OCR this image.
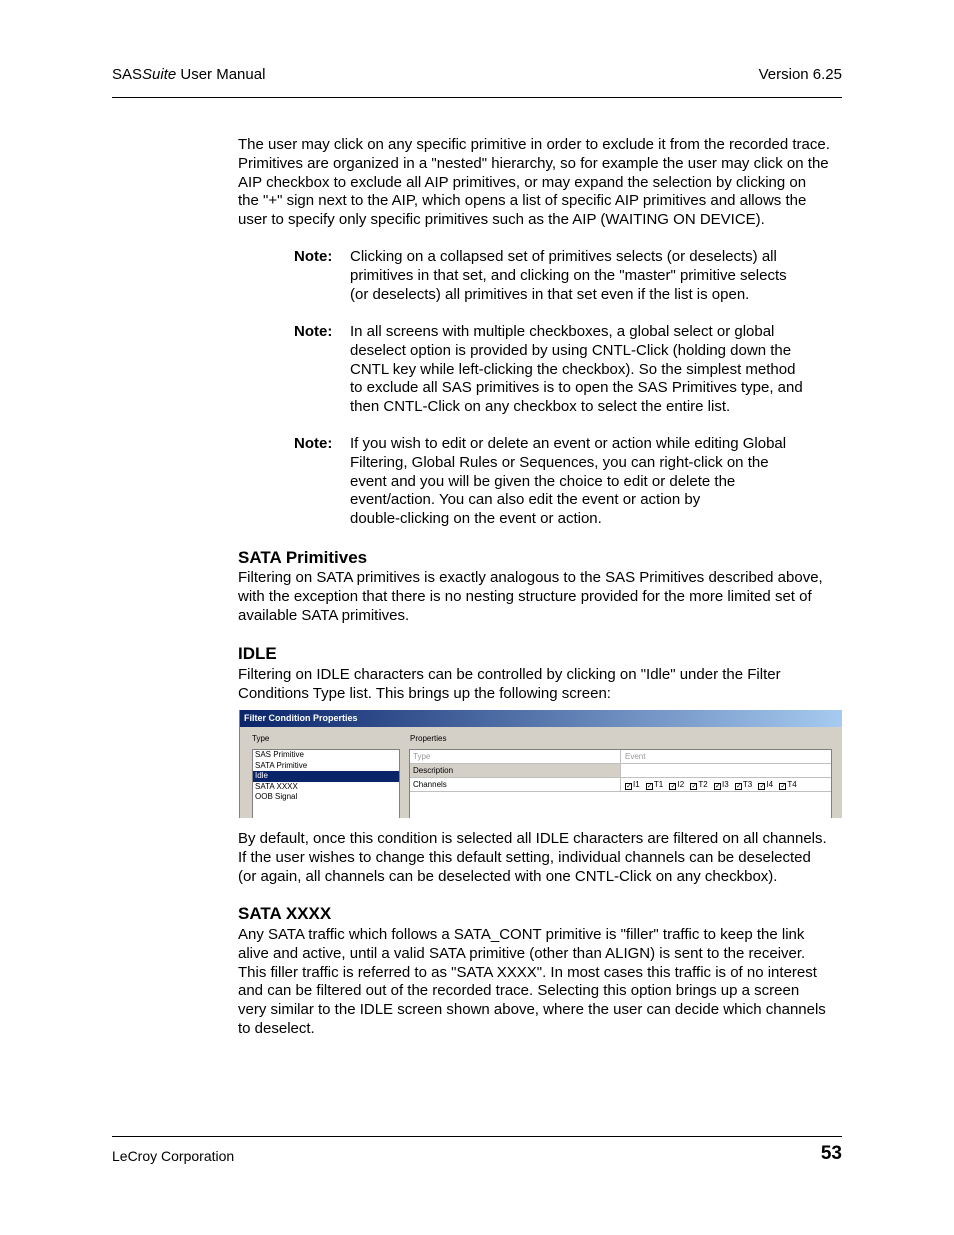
SASSuite User Manual	Version 6.25
The user may click on any specific primitive in order to exclude it from the recorded trace.
Primitives are organized in a "nested" hierarchy, so for example the user may click on the
AIP checkbox to exclude all AIP primitives, or may expand the selection by clicking on
the "+" sign next to the AIP, which opens a list of specific AIP primitives and allows the
user to specify only specific primitives such as the AIP (WAITING ON DEVICE).
Note: Clicking on a collapsed set of primitives selects (or deselects) all
primitives in that set, and clicking on the "master" primitive selects
(or deselects) all primitives in that set even if the list is open.
Note: In all screens with multiple checkboxes, a global select or global
deselect option is provided by using CNTL-Click (holding down the
CNTL key while left-clicking the checkbox). So the simplest method
to exclude all SAS primitives is to open the SAS Primitives type, and
then CNTL-Click on any checkbox to select the entire list.
Note: If you wish to edit or delete an event or action while editing Global
Filtering, Global Rules or Sequences, you can right-click on the
event and you will be given the choice to edit or delete the
event/action. You can also edit the event or action by
double-clicking on the event or action.
SATA Primitives
Filtering on SATA primitives is exactly analogous to the SAS Primitives described above,
with the exception that there is no nesting structure provided for the more limited set of
available SATA primitives.
IDLE
Filtering on IDLE characters can be controlled by clicking on "Idle" under the Filter
Conditions Type list. This brings up the following screen:
Filter Condition Properties
Type	Properties
SAS Primitive
SATA Primitive
Idle
SATA XXXX
OOB Signal
Type	Event
Description
Channels	✓I1 ✓T1 ✓I2 ✓T2 ✓I3 ✓T3 ✓I4 ✓T4
By default, once this condition is selected all IDLE characters are filtered on all channels.
If the user wishes to change this default setting, individual channels can be deselected
(or again, all channels can be deselected with one CNTL-Click on any checkbox).
SATA XXXX
Any SATA traffic which follows a SATA_CONT primitive is "filler" traffic to keep the link
alive and active, until a valid SATA primitive (other than ALIGN) is sent to the receiver.
This filler traffic is referred to as "SATA XXXX". In most cases this traffic is of no interest
and can be filtered out of the recorded trace. Selecting this option brings up a screen
very similar to the IDLE screen shown above, where the user can decide which channels
to deselect.
LeCroy Corporation	53
